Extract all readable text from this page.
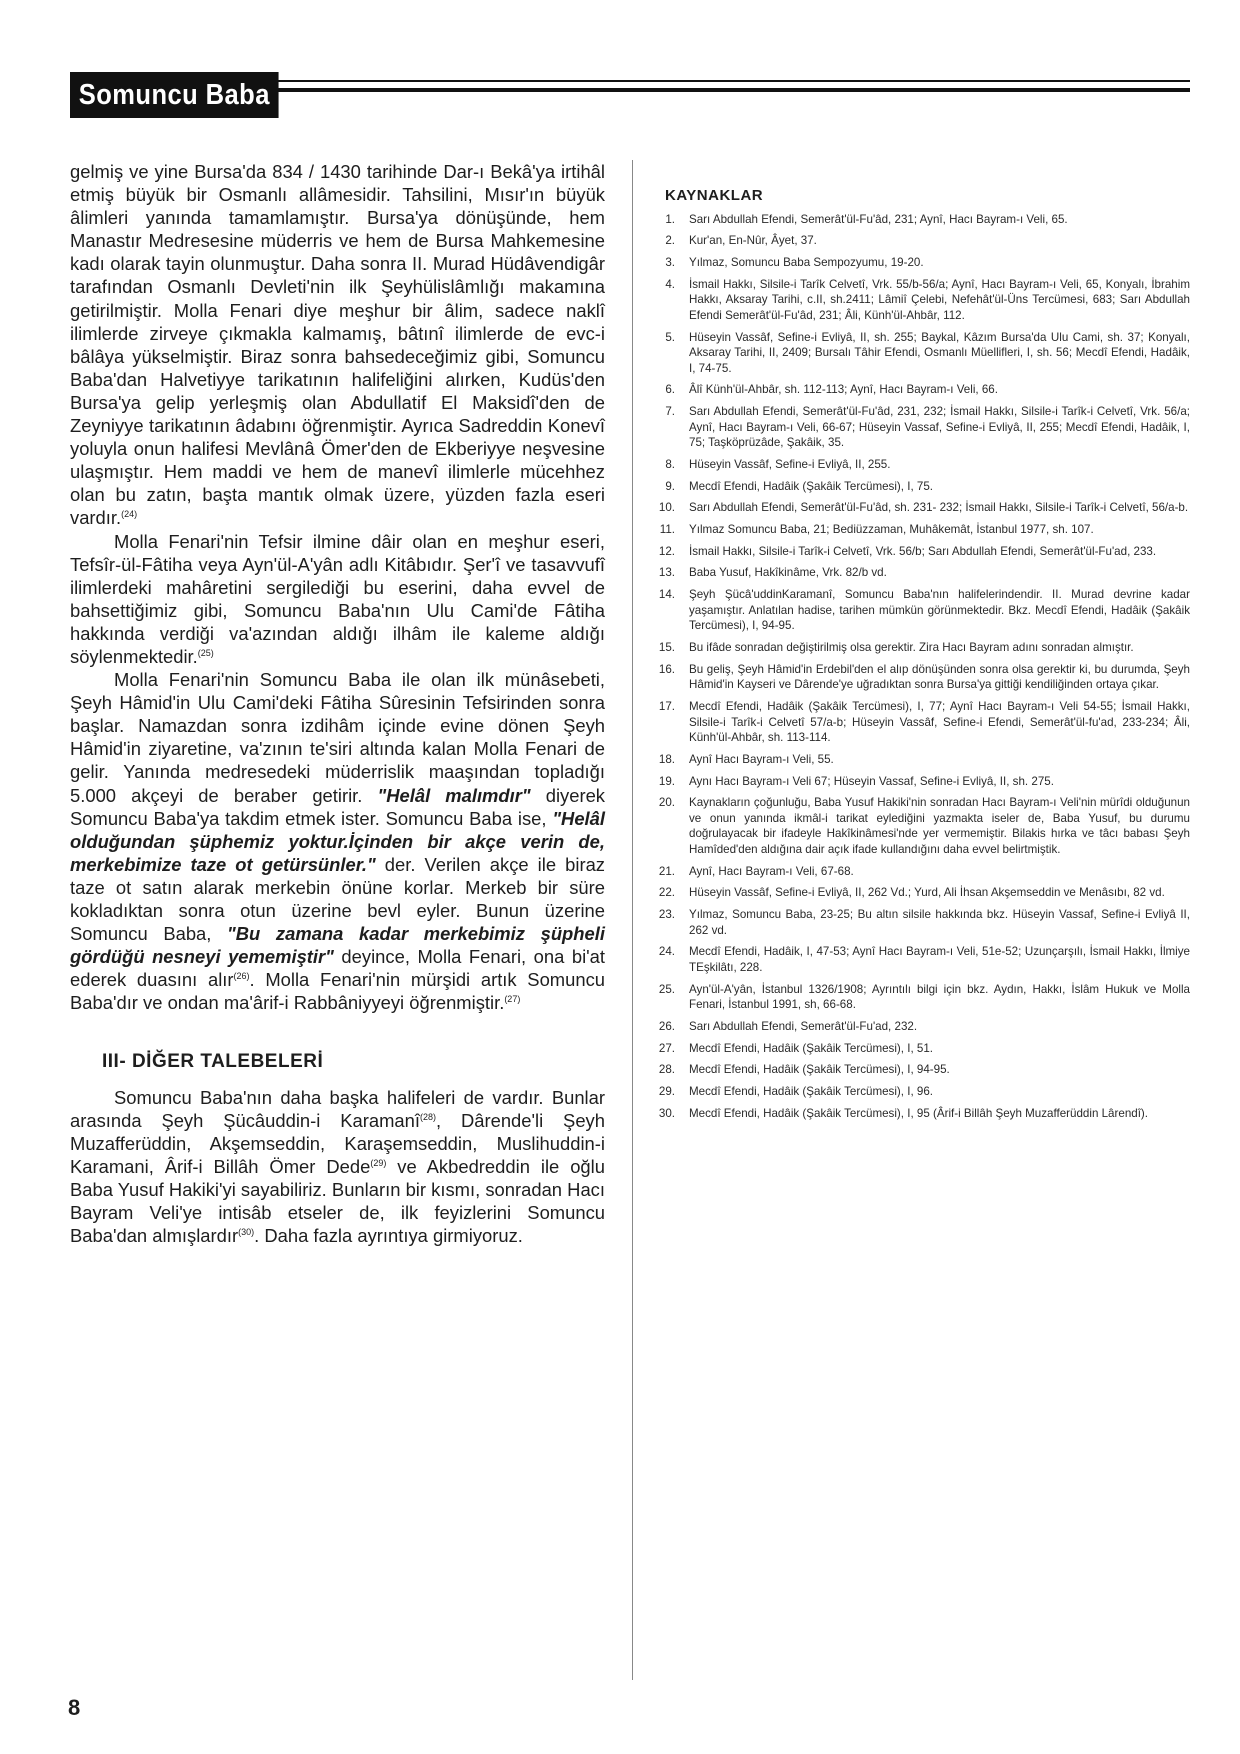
Somuncu Baba

gelmiş ve yine Bursa'da 834 / 1430 tarihinde Dar-ı Bekâ'ya irtihâl etmiş büyük bir Osmanlı allâmesidir. Tahsilini, Mısır'ın büyük âlimleri yanında tamamlamıştır. Bursa'ya dönüşünde, hem Manastır Medresesine müderris ve hem de Bursa Mahkemesine kadı olarak tayin olunmuştur. Daha sonra II. Murad Hüdâvendigâr tarafından Osmanlı Devleti'nin ilk Şeyhülislâmlığı makamına getirilmiştir. Molla Fenari diye meşhur bir âlim, sadece naklî ilimlerde zirveye çıkmakla kalmamış, bâtınî ilimlerde de evc-i bâlâya yükselmiştir. Biraz sonra bahsedeceğimiz gibi, Somuncu Baba'dan Halvetiyye tarikatının halifeliğini alırken, Kudüs'den Bursa'ya gelip yerleşmiş olan Abdullatif El Maksidî'den de Zeyniyye tarikatının âdabını öğrenmiştir. Ayrıca Sadreddin Konevî yoluyla onun halifesi Mevlânâ Ömer'den de Ekberiyye neşvesine ulaşmıştır. Hem maddi ve hem de manevî ilimlerle mücehhez olan bu zatın, başta mantık olmak üzere, yüzden fazla eseri vardır.$^{(24)}$

Molla Fenari'nin Tefsir ilmine dâir olan en meşhur eseri, Tefsîr-ül-Fâtiha veya Ayn'ül-A'yân adlı Kitâbıdır. Şer'î ve tasavvufî ilimlerdeki mahâretini sergilediği bu eserini, daha evvel de bahsettiğimiz gibi, Somuncu Baba'nın Ulu Cami'de Fâtiha hakkında verdiği va'azından aldığı ilhâm ile kaleme aldığı söylenmektedir.$^{(25)}$

Molla Fenari'nin Somuncu Baba ile olan ilk münâsebeti, Şeyh Hâmid'in Ulu Cami'deki Fâtiha Sûresinin Tefsirinden sonra başlar. Namazdan sonra izdihâm içinde evine dönen Şeyh Hâmid'in ziyaretine, va'zının te'siri altında kalan Molla Fenari de gelir. Yanında medresedeki müderrislik maaşından topladığı 5.000 akçeyi de beraber getirir. "Helâl malımdır" diyerek Somuncu Baba'ya takdim etmek ister. Somuncu Baba ise, "Helâl olduğundan şüphemiz yoktur.İçinden bir akçe verin de, merkebimize taze ot getürsünler." der. Verilen akçe ile biraz taze ot satın alarak merkebin önüne korlar. Merkeb bir süre kokladıktan sonra otun üzerine bevl eyler. Bunun üzerine Somuncu Baba, "Bu zamana kadar merkebimiz şüpheli gördüğü nesneyi yememiştir" deyince, Molla Fenari, ona bi'at ederek duasını alır$^{(26)}$. Molla Fenari'nin mürşidi artık Somuncu Baba'dır ve ondan ma'ârif-i Rabbâniyyeyi öğrenmiştir.$^{(27)}$

III- DİĞER TALEBELERİ

Somuncu Baba'nın daha başka halifeleri de vardır. Bunlar arasında Şeyh Şücâuddin-i Karamanî$^{(28)}$, Dârende'li Şeyh Muzafferüddin, Akşemseddin, Karaşemseddin, Muslihuddin-i Karamani, Ârif-i Billâh Ömer Dede$^{(29)}$ ve Akbedreddin ile oğlu Baba Yusuf Hakiki'yi sayabiliriz. Bunların bir kısmı, sonradan Hacı Bayram Veli'ye intisâb etseler de, ilk feyizlerini Somuncu Baba'dan almışlardır$^{(30)}$. Daha fazla ayrıntıya girmiyoruz.

KAYNAKLAR
1. Sarı Abdullah Efendi, Semerât'ül-Fu'âd, 231; Aynî, Hacı Bayram-ı Veli, 65.
2. Kur'an, En-Nûr, Âyet, 37.
3. Yılmaz, Somuncu Baba Sempozyumu, 19-20.
4. İsmail Hakkı, Silsile-i Tarîk Celvetî, Vrk. 55/b-56/a; Aynî, Hacı Bayram-ı Veli, 65, Konyalı, İbrahim Hakkı, Aksaray Tarihi, c.II, sh.2411; Lâmiî Çelebi, Nefehât'ül-Üns Tercümesi, 683; Sarı Abdullah Efendi Semerât'ül-Fu'âd, 231; Âli, Künh'ül-Ahbâr, 112.
5. Hüseyin Vassâf, Sefine-i Evliyâ, II, sh. 255; Baykal, Kâzım Bursa'da Ulu Cami, sh. 37; Konyalı, Aksaray Tarihi, II, 2409; Bursalı Tâhir Efendi, Osmanlı Müellifleri, I, sh. 56; Mecdî Efendi, Hadâik, I, 74-75.
6. Âlî Künh'ül-Ahbâr, sh. 112-113; Aynî, Hacı Bayram-ı Veli, 66.
7. Sarı Abdullah Efendi, Semerât'ül-Fu'âd, 231, 232; İsmail Hakkı, Silsile-i Tarîk-i Celvetî, Vrk. 56/a; Aynî, Hacı Bayram-ı Veli, 66-67; Hüseyin Vassaf, Sefine-i Evliyâ, II, 255; Mecdî Efendi, Hadâik, I, 75; Taşköprüzâde, Şakâik, 35.
8. Hüseyin Vassâf, Sefine-i Evliyâ, II, 255.
9. Mecdî Efendi, Hadâik (Şakâik Tercümesi), I, 75.
10. Sarı Abdullah Efendi, Semerât'ül-Fu'âd, sh. 231- 232; İsmail Hakkı, Silsile-i Tarîk-i Celvetî, 56/a-b.
11. Yılmaz Somuncu Baba, 21; Bediüzzaman, Muhâkemât, İstanbul 1977, sh. 107.
12. İsmail Hakkı, Silsile-i Tarîk-i Celvetî, Vrk. 56/b; Sarı Abdullah Efendi, Semerât'ül-Fu'ad, 233.
13. Baba Yusuf, Hakîkinâme, Vrk. 82/b vd.
14. Şeyh Şücâ'uddinKaramanî, Somuncu Baba'nın halifelerindendir. II. Murad devrine kadar yaşamıştır. Anlatılan hadise, tarihen mümkün görünmektedir. Bkz. Mecdî Efendi, Hadâik (Şakâik Tercümesi), I, 94-95.
15. Bu ifâde sonradan değiştirilmiş olsa gerektir. Zira Hacı Bayram adını sonradan almıştır.
16. Bu geliş, Şeyh Hâmid'in Erdebil'den el alıp dönüşünden sonra olsa gerektir ki, bu durumda, Şeyh Hâmid'in Kayseri ve Dârende'ye uğradıktan sonra Bursa'ya gittiği kendiliğinden ortaya çıkar.
17. Mecdî Efendi, Hadâik (Şakâik Tercümesi), I, 77; Aynî Hacı Bayram-ı Veli 54-55; İsmail Hakkı, Silsile-i Tarîk-i Celvetî 57/a-b; Hüseyin Vassâf, Sefine-i Efendi, Semerât'ül-fu'ad, 233-234; Âli, Künh'ül-Ahbâr, sh. 113-114.
18. Aynî Hacı Bayram-ı Veli, 55.
19. Aynı Hacı Bayram-ı Veli 67; Hüseyin Vassaf, Sefine-i Evliyâ, II, sh. 275.
20. Kaynakların çoğunluğu, Baba Yusuf Hakiki'nin sonradan Hacı Bayram-ı Veli'nin mürîdi olduğunun ve onun yanında ikmâl-i tarikat eylediğini yazmakta iseler de, Baba Yusuf, bu durumu doğrulayacak bir ifadeyle Hakîkinâmesi'nde yer vermemiştir. Bilakis hırka ve tâcı babası Şeyh Hamîded'den aldığına dair açık ifade kullandığını daha evvel belirtmiştik.
21. Aynî, Hacı Bayram-ı Veli, 67-68.
22. Hüseyin Vassâf, Sefine-i Evliyâ, II, 262 Vd.; Yurd, Ali İhsan Akşemseddin ve Menâsıbı, 82 vd.
23. Yılmaz, Somuncu Baba, 23-25; Bu altın silsile hakkında bkz. Hüseyin Vassaf, Sefine-i Evliyâ II, 262 vd.
24. Mecdî Efendi, Hadâik, I, 47-53; Aynî Hacı Bayram-ı Veli, 51e-52; Uzunçarşılı, İsmail Hakkı, İlmiye TEşkilâtı, 228.
25. Ayn'ül-A'yân, İstanbul 1326/1908; Ayrıntılı bilgi için bkz. Aydın, Hakkı, İslâm Hukuk ve Molla Fenari, İstanbul 1991, sh, 66-68.
26. Sarı Abdullah Efendi, Semerât'ül-Fu'ad, 232.
27. Mecdî Efendi, Hadâik (Şakâik Tercümesi), I, 51.
28. Mecdî Efendi, Hadâik (Şakâik Tercümesi), I, 94-95.
29. Mecdî Efendi, Hadâik (Şakâik Tercümesi), I, 96.
30. Mecdî Efendi, Hadâik (Şakâik Tercümesi), I, 95 (Ârif-i Billâh Şeyh Muzafferüddin Lârendî).
8
